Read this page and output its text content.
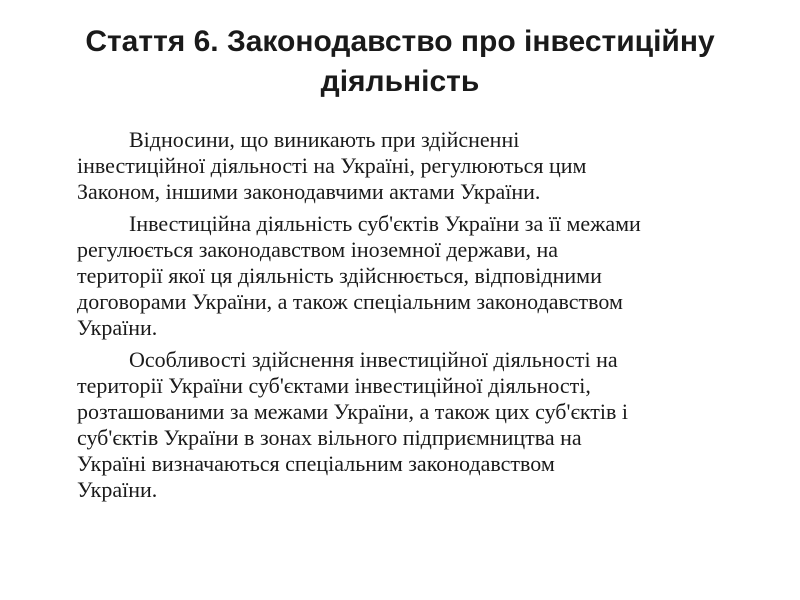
Стаття 6. Законодавство про інвестиційну
діяльність

Відносини, що виникають при здійсненні
інвестиційної діяльності на Україні, регулюються цим
Законом, іншими законодавчими актами України.

Інвестиційна діяльність суб'єктів України за її межами
регулюється законодавством іноземної держави, на
території якої ця діяльність здійснюється, відповідними
договорами України, а також спеціальним законодавством
України.

Особливості здійснення інвестиційної діяльності на
території України суб'єктами інвестиційної діяльності,
розташованими за межами України, а також цих суб'єктів і
суб'єктів України в зонах вільного підприємництва на
Україні визначаються спеціальним законодавством
України.
